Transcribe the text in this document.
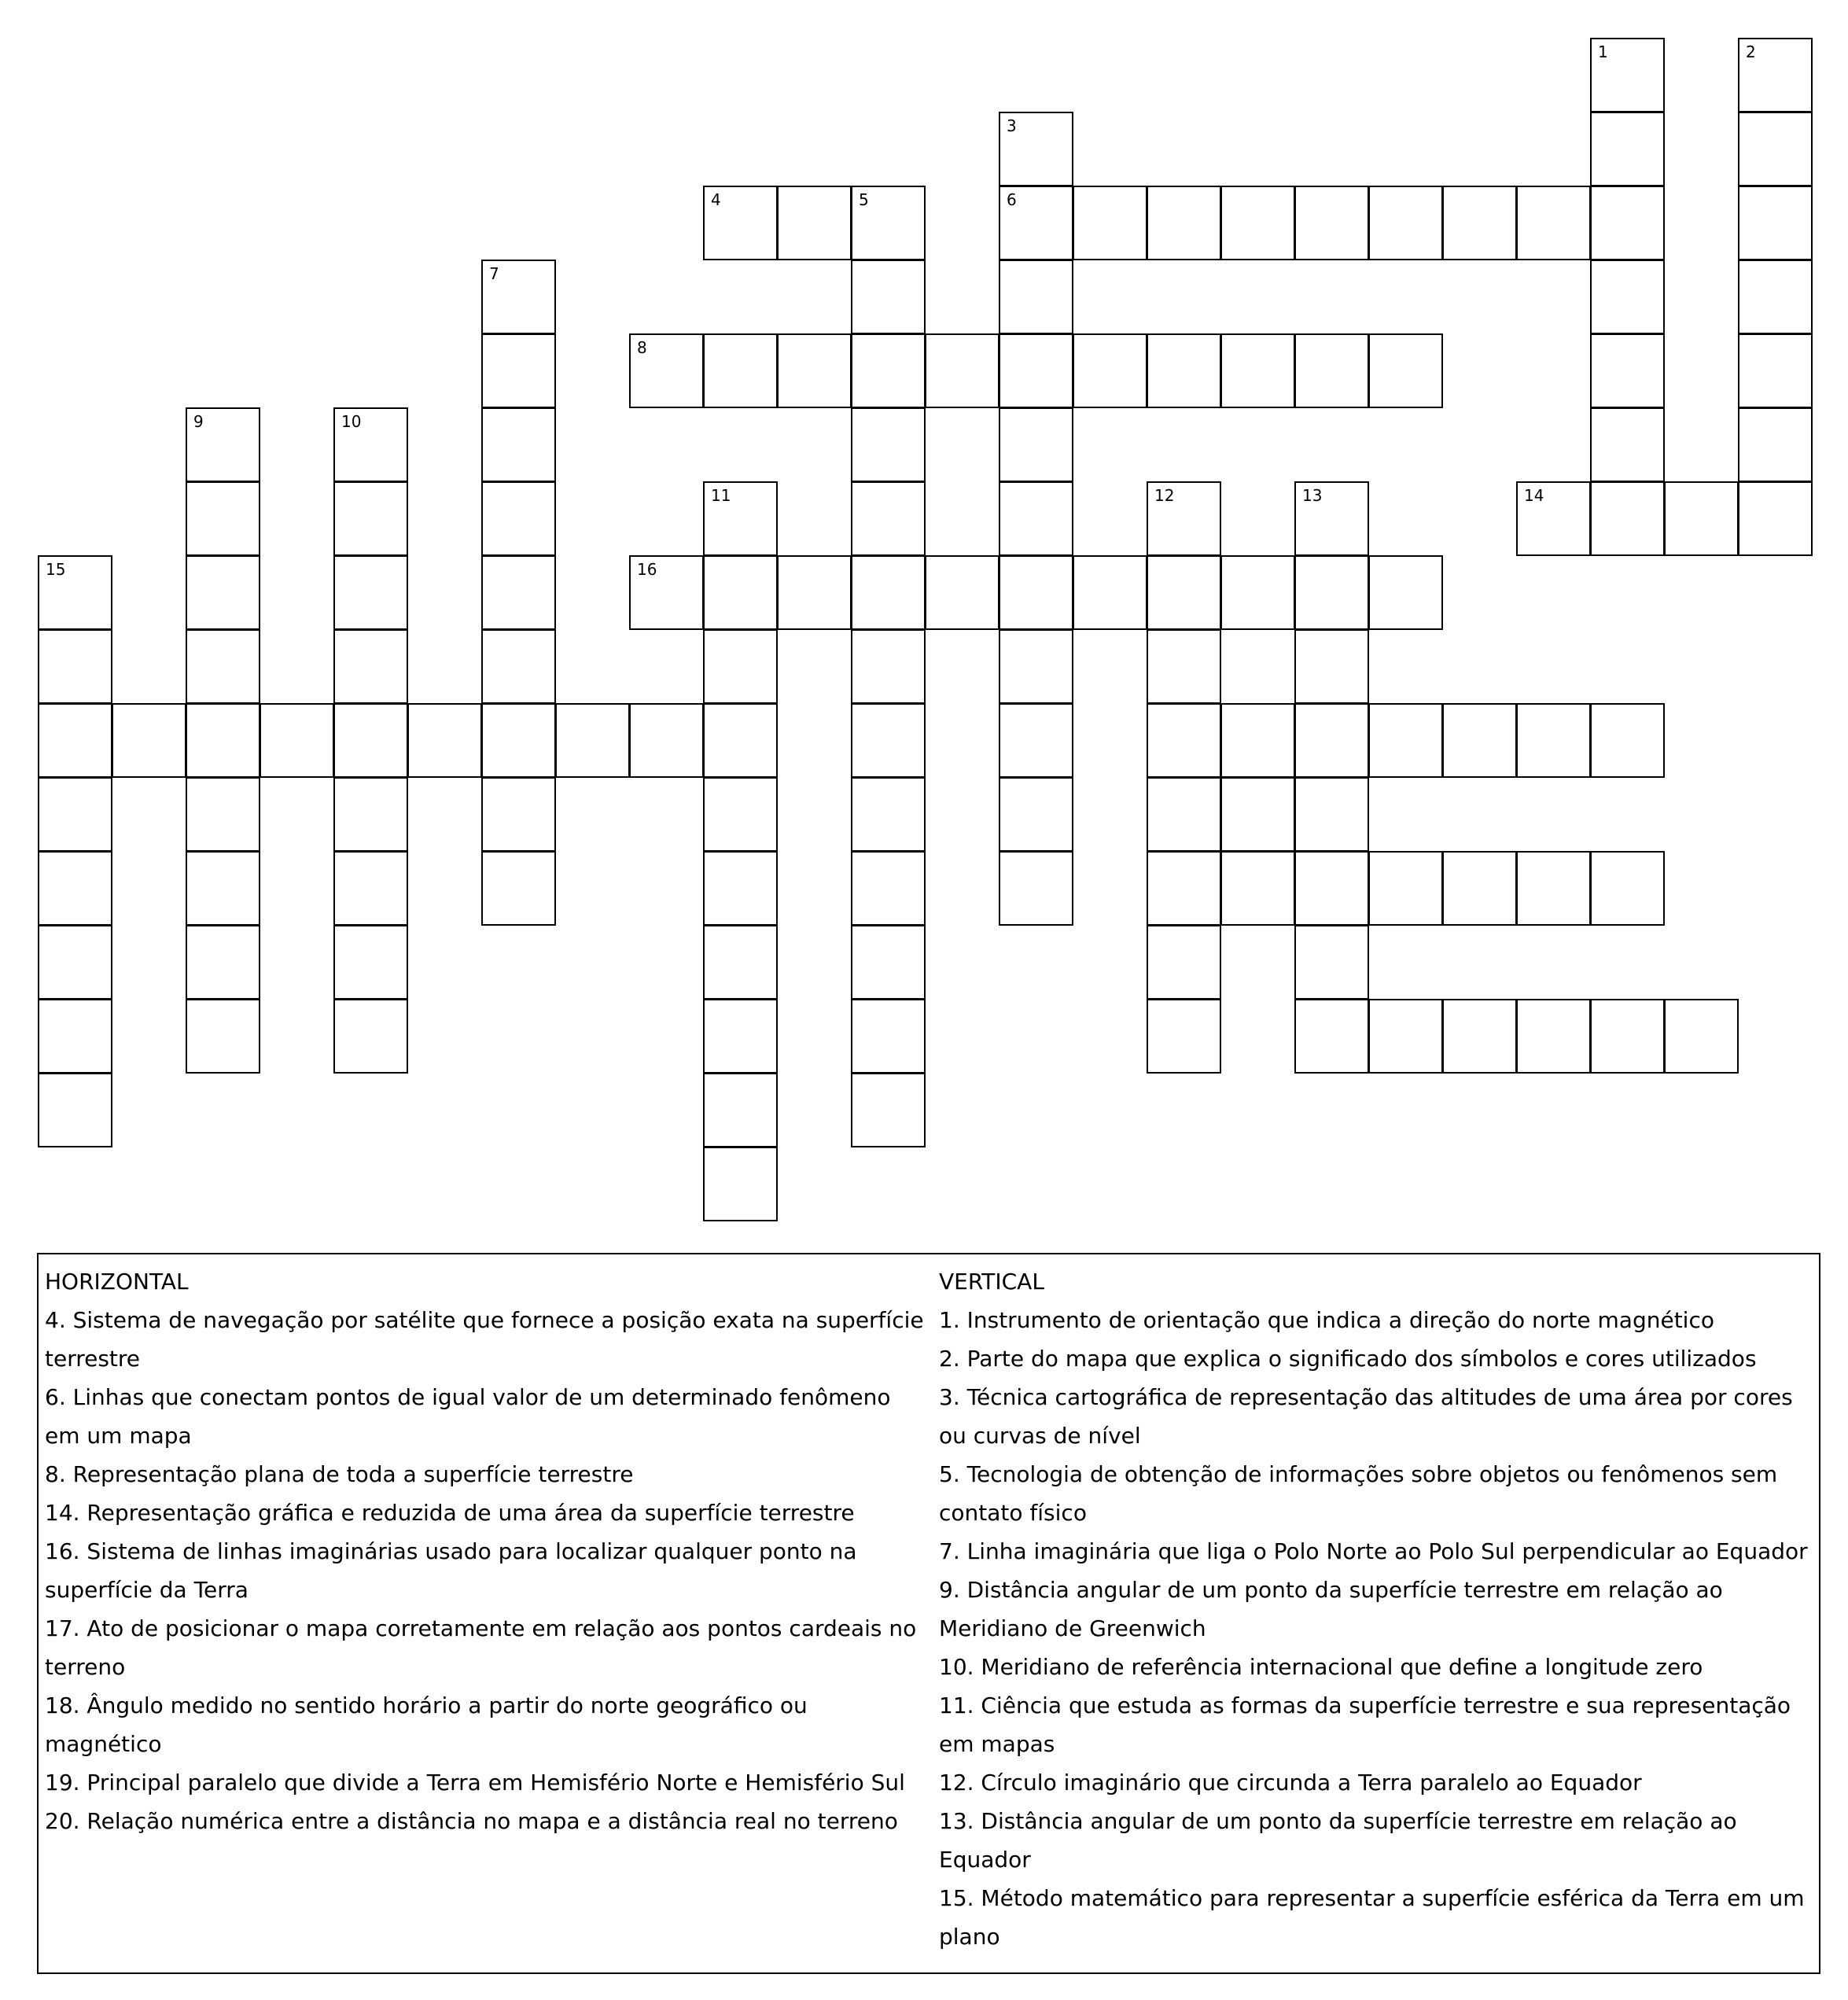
1	2
3
4	5	6
7
8
9	10
11	12	13	14
15	16
HORIZONTAL
4. Sistema de navegação por satélite que fornece a posição exata na superfície terrestre
6. Linhas que conectam pontos de igual valor de um determinado fenômeno em um mapa
8. Representação plana de toda a superfície terrestre
14. Representação gráfica e reduzida de uma área da superfície terrestre
16. Sistema de linhas imaginárias usado para localizar qualquer ponto na superfície da Terra
17. Ato de posicionar o mapa corretamente em relação aos pontos cardeais no terreno
18. Ângulo medido no sentido horário a partir do norte geográfico ou magnético
19. Principal paralelo que divide a Terra em Hemisfério Norte e Hemisfério Sul
20. Relação numérica entre a distância no mapa e a distância real no terreno
VERTICAL
1. Instrumento de orientação que indica a direção do norte magnético
2. Parte do mapa que explica o significado dos símbolos e cores utilizados
3. Técnica cartográfica de representação das altitudes de uma área por cores ou curvas de nível
5. Tecnologia de obtenção de informações sobre objetos ou fenômenos sem contato físico
7. Linha imaginária que liga o Polo Norte ao Polo Sul perpendicular ao Equador
9. Distância angular de um ponto da superfície terrestre em relação ao Meridiano de Greenwich
10. Meridiano de referência internacional que define a longitude zero
11. Ciência que estuda as formas da superfície terrestre e sua representação em mapas
12. Círculo imaginário que circunda a Terra paralelo ao Equador
13. Distância angular de um ponto da superfície terrestre em relação ao Equador
15. Método matemático para representar a superfície esférica da Terra em um plano
